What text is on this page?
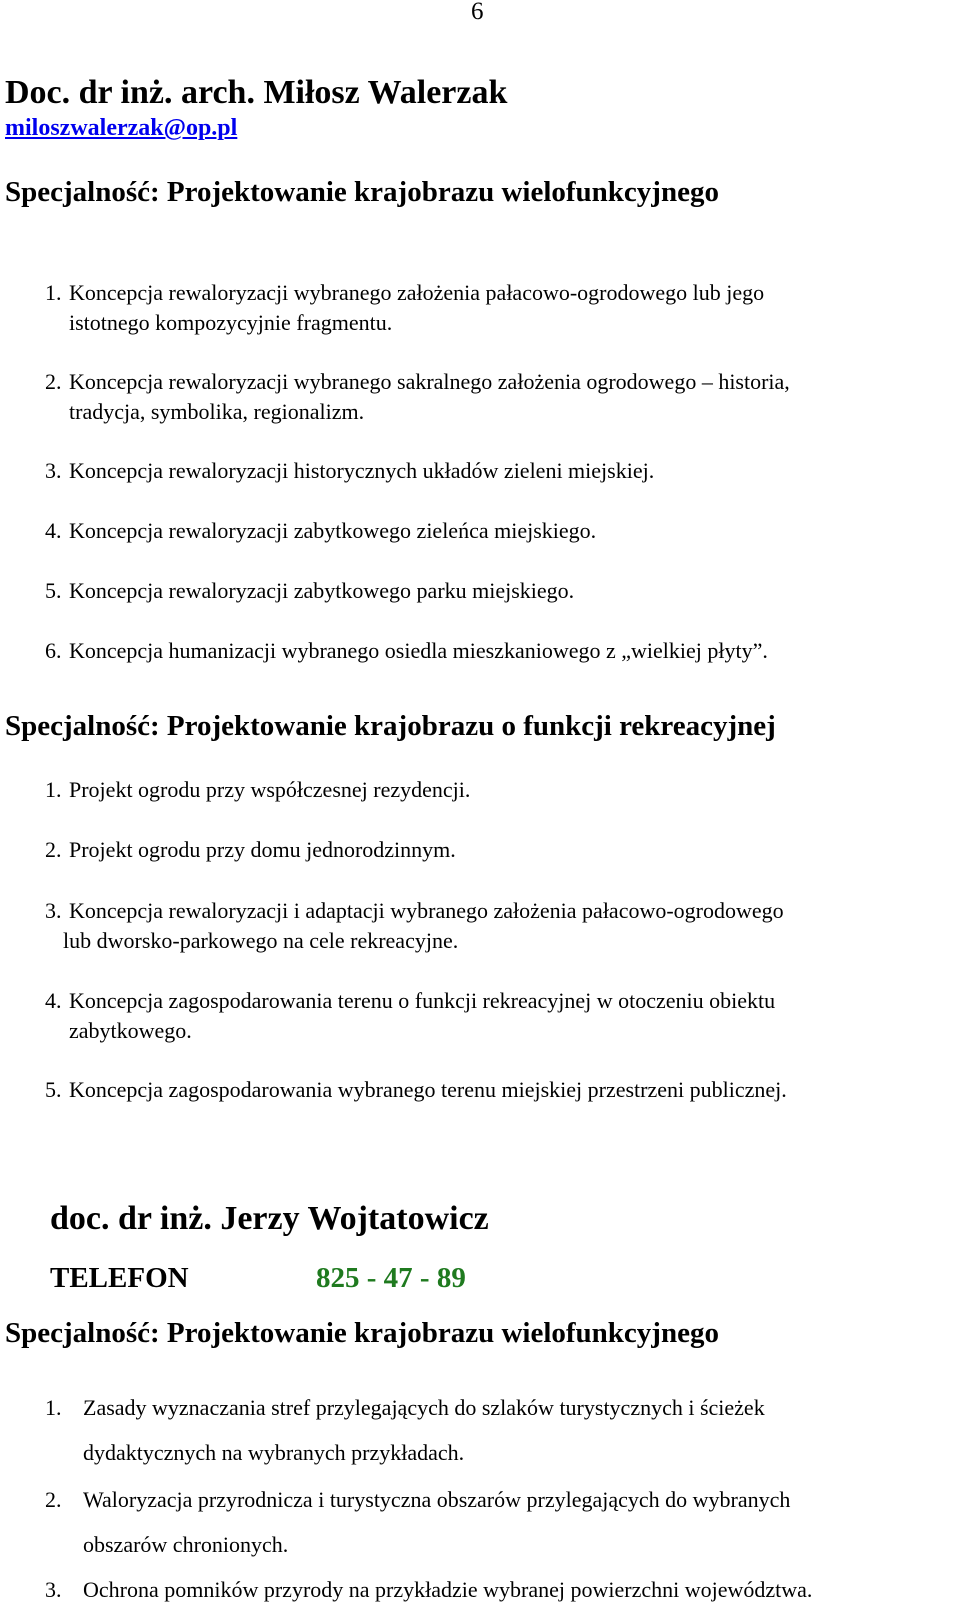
6
Doc. dr inż. arch. Miłosz Walerzak
miloszwalerzak@op.pl
Specjalność: Projektowanie krajobrazu wielofunkcyjnego
1. Koncepcja rewaloryzacji wybranego założenia pałacowo-ogrodowego lub jego
istotnego kompozycyjnie fragmentu.
2. Koncepcja rewaloryzacji wybranego sakralnego założenia ogrodowego – historia,
tradycja, symbolika, regionalizm.
3. Koncepcja rewaloryzacji historycznych układów zieleni miejskiej.
4. Koncepcja rewaloryzacji zabytkowego zieleńca miejskiego.
5. Koncepcja rewaloryzacji zabytkowego parku miejskiego.
6. Koncepcja humanizacji wybranego osiedla mieszkaniowego z „wielkiej płyty”.
Specjalność: Projektowanie krajobrazu o funkcji rekreacyjnej
1. Projekt ogrodu przy współczesnej rezydencji.
2. Projekt ogrodu przy domu jednorodzinnym.
3. Koncepcja rewaloryzacji i adaptacji wybranego założenia pałacowo-ogrodowego
lub dworsko-parkowego na cele rekreacyjne.
4. Koncepcja zagospodarowania terenu o funkcji rekreacyjnej w otoczeniu obiektu
zabytkowego.
5. Koncepcja zagospodarowania wybranego terenu miejskiej przestrzeni publicznej.
doc. dr inż. Jerzy Wojtatowicz
TELEFON	825 - 47 - 89
Specjalność: Projektowanie krajobrazu wielofunkcyjnego
1. Zasady wyznaczania stref przylegających do szlaków turystycznych i ścieżek
dydaktycznych na wybranych przykładach.
2. Waloryzacja przyrodnicza i turystyczna obszarów przylegających do wybranych
obszarów chronionych.
3. Ochrona pomników przyrody na przykładzie wybranej powierzchni województwa.
